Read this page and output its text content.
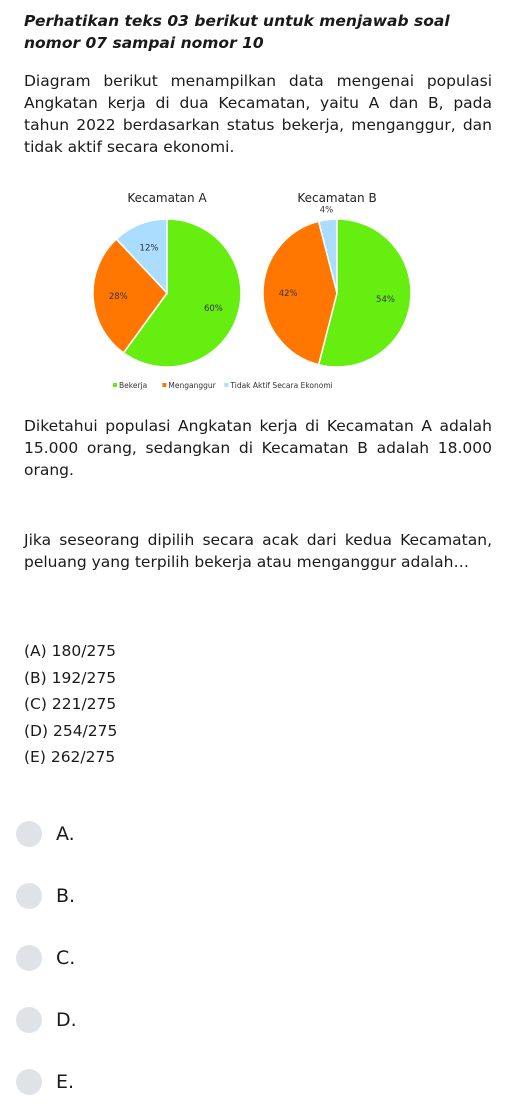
Perhatikan teks 03 berikut untuk menjawab soal nomor 07 sampai nomor 10

Diagram berikut menampilkan data mengenai populasi Angkatan kerja di dua Kecamatan, yaitu A dan B, pada tahun 2022 berdasarkan status bekerja, menganggur, dan tidak aktif secara ekonomi.

Kecamatan A
60%
28%
12%
Kecamatan B
54%
42%
4%
Bekerja	Menganggur Tidak Aktif Secara Ekonomi

Diketahui populasi Angkatan kerja di Kecamatan A adalah 15.000 orang, sedangkan di Kecamatan B adalah 18.000 orang.

Jika seseorang dipilih secara acak dari kedua Kecamatan, peluang yang terpilih bekerja atau menganggur adalah…

(A) 180/275
(B) 192/275
(C) 221/275
(D) 254/275
(E) 262/275
A.
B.
C.
D.
E.
